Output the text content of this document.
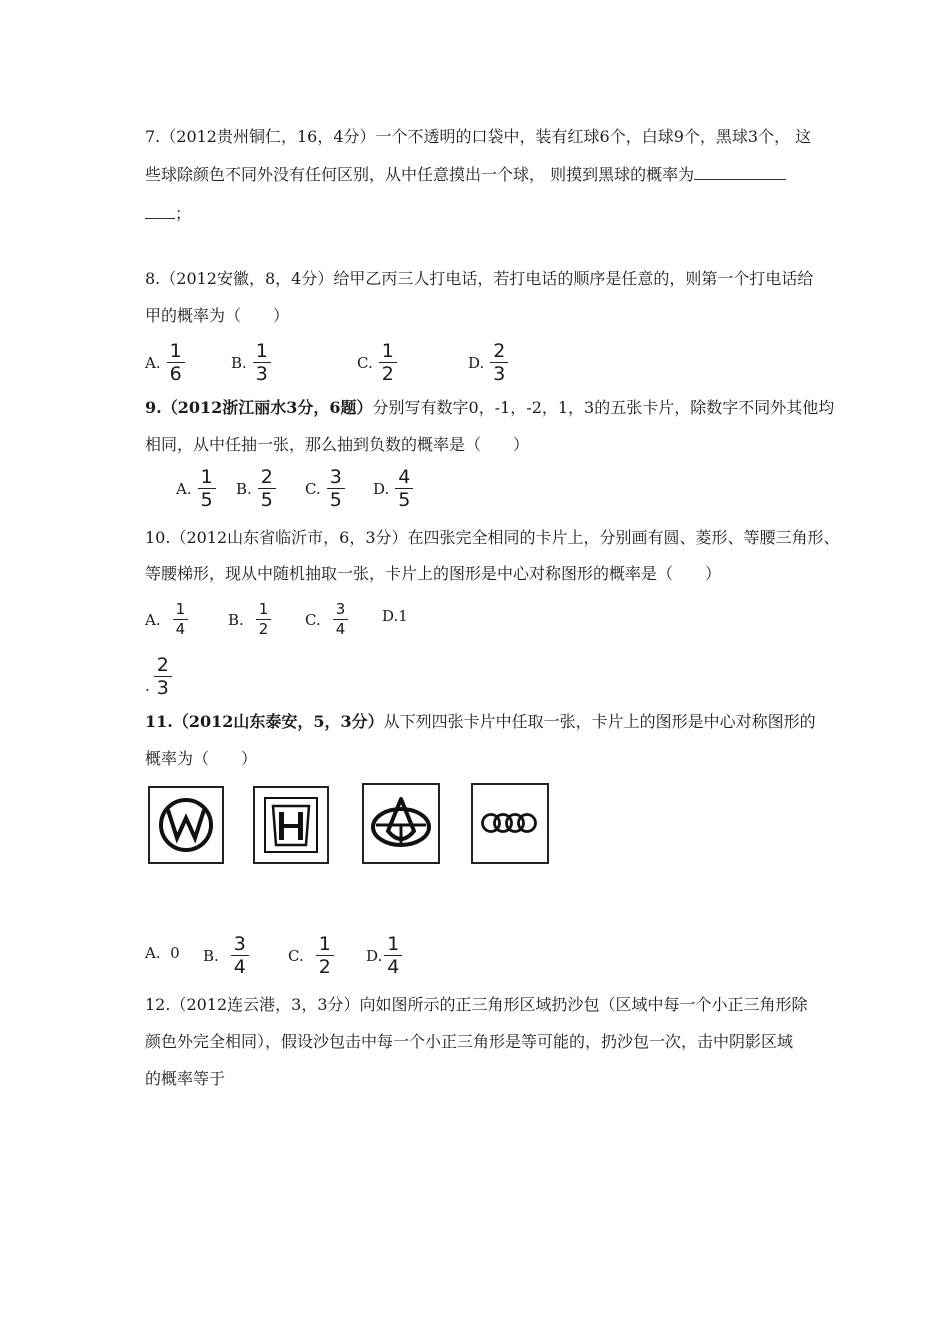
7.（2012贵州铜仁，16，4分）一个不透明的口袋中，装有红球6个，白球9个，黑球3个， 这
些球除颜色不同外没有任何区别，从中任意摸出一个球， 则摸到黑球的概率为
；
8.（2012安徽，8，4分）给甲乙丙三人打电话，若打电话的顺序是任意的，则第一个打电话给
甲的概率为（　　）
A. $\frac{1}{6}$	B. $\frac{1}{3}$	C. $\frac{1}{2}$	D. $\frac{2}{3}$
9.（2012浙江丽水3分，6题）分别写有数字0，-1，-2，1，3的五张卡片，除数字不同外其他均
相同，从中任抽一张，那么抽到负数的概率是（　　）
A. $\frac{1}{5} B$. $\frac{2}{5} C$. $\frac{3}{5} D$. $\frac{4}{5}$
10.（2012山东省临沂市，6，3分）在四张完全相同的卡片上，分别画有圆、菱形、等腰三角形、
等腰梯形，现从中随机抽取一张，卡片上的图形是中心对称图形的概率是（　　）
A. $\frac{1}{4}$	B. $\frac{1}{2} C$. $\frac{3}{4} D.1$
. $\frac{2}{3}$
11.（2012山东泰安，5，3分）从下列四张卡片中任取一张，卡片上的图形是中心对称图形的
概率为（　　）
A.  0 B. $\frac{3}{4}$	C. $\frac{1}{2} D$. $\frac{1}{4}$
12.（2012连云港，3，3分）向如图所示的正三角形区域扔沙包（区域中每一个小正三角形除
颜色外完全相同），假设沙包击中每一个小正三角形是等可能的，扔沙包一次，击中阴影区域
的概率等于
